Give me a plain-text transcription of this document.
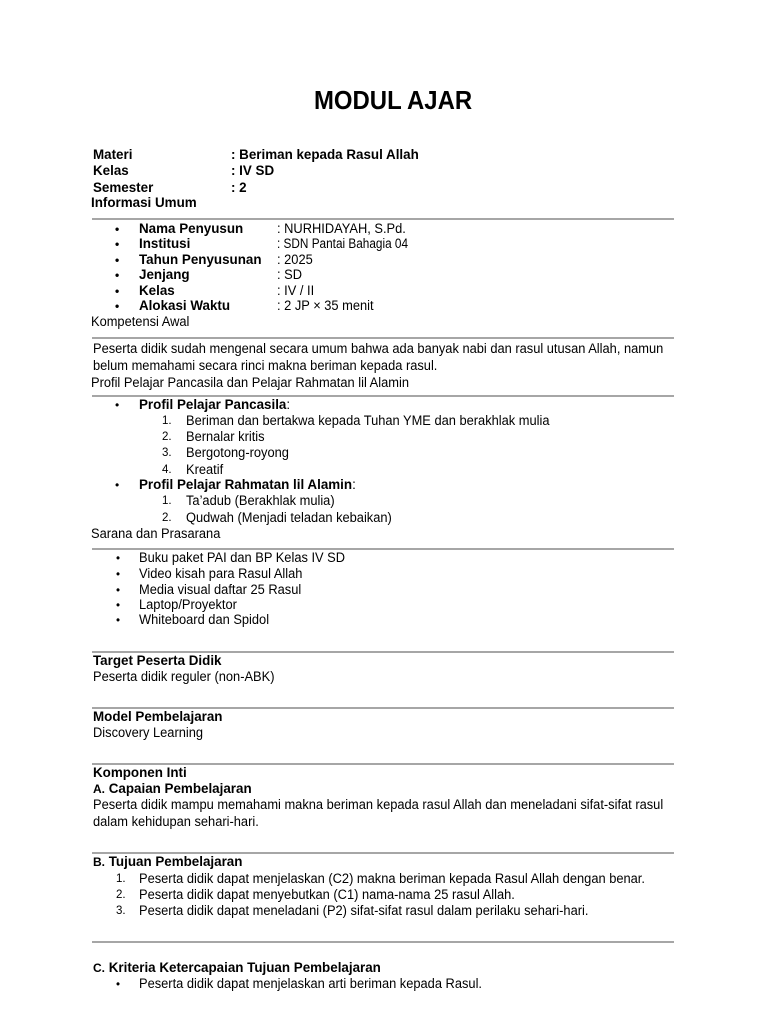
MODUL AJAR
Materi	: Beriman kepada Rasul Allah
Kelas	: IV SD
Semester	: 2
Informasi Umum
• Nama Penyusun	: NURHIDAYAH, S.Pd.
• Institusi	: SDN Pantai Bahagia 04
• Tahun Penyusunan : 2025
• Jenjang	: SD
• Kelas	: IV / II
• Alokasi Waktu	: 2 JP × 35 menit
Kompetensi Awal
Peserta didik sudah mengenal secara umum bahwa ada banyak nabi dan rasul utusan Allah, namun
belum memahami secara rinci makna beriman kepada rasul.
Profil Pelajar Pancasila dan Pelajar Rahmatan lil Alamin
• Profil Pelajar Pancasila:
1. Beriman dan bertakwa kepada Tuhan YME dan berakhlak mulia
2. Bernalar kritis
3. Bergotong-royong
4. Kreatif
• Profil Pelajar Rahmatan lil Alamin:
1. Ta’adub (Berakhlak mulia)
2. Qudwah (Menjadi teladan kebaikan)
Sarana dan Prasarana
• Buku paket PAI dan BP Kelas IV SD
• Video kisah para Rasul Allah
• Media visual daftar 25 Rasul
• Laptop/Proyektor
• Whiteboard dan Spidol
Target Peserta Didik
Peserta didik reguler (non-ABK)
Model Pembelajaran
Discovery Learning
Komponen Inti
A. Capaian Pembelajaran
Peserta didik mampu memahami makna beriman kepada rasul Allah dan meneladani sifat-sifat rasul
dalam kehidupan sehari-hari.
B. Tujuan Pembelajaran
1. Peserta didik dapat menjelaskan (C2) makna beriman kepada Rasul Allah dengan benar.
2. Peserta didik dapat menyebutkan (C1) nama-nama 25 rasul Allah.
3. Peserta didik dapat meneladani (P2) sifat-sifat rasul dalam perilaku sehari-hari.
C. Kriteria Ketercapaian Tujuan Pembelajaran
• Peserta didik dapat menjelaskan arti beriman kepada Rasul.
